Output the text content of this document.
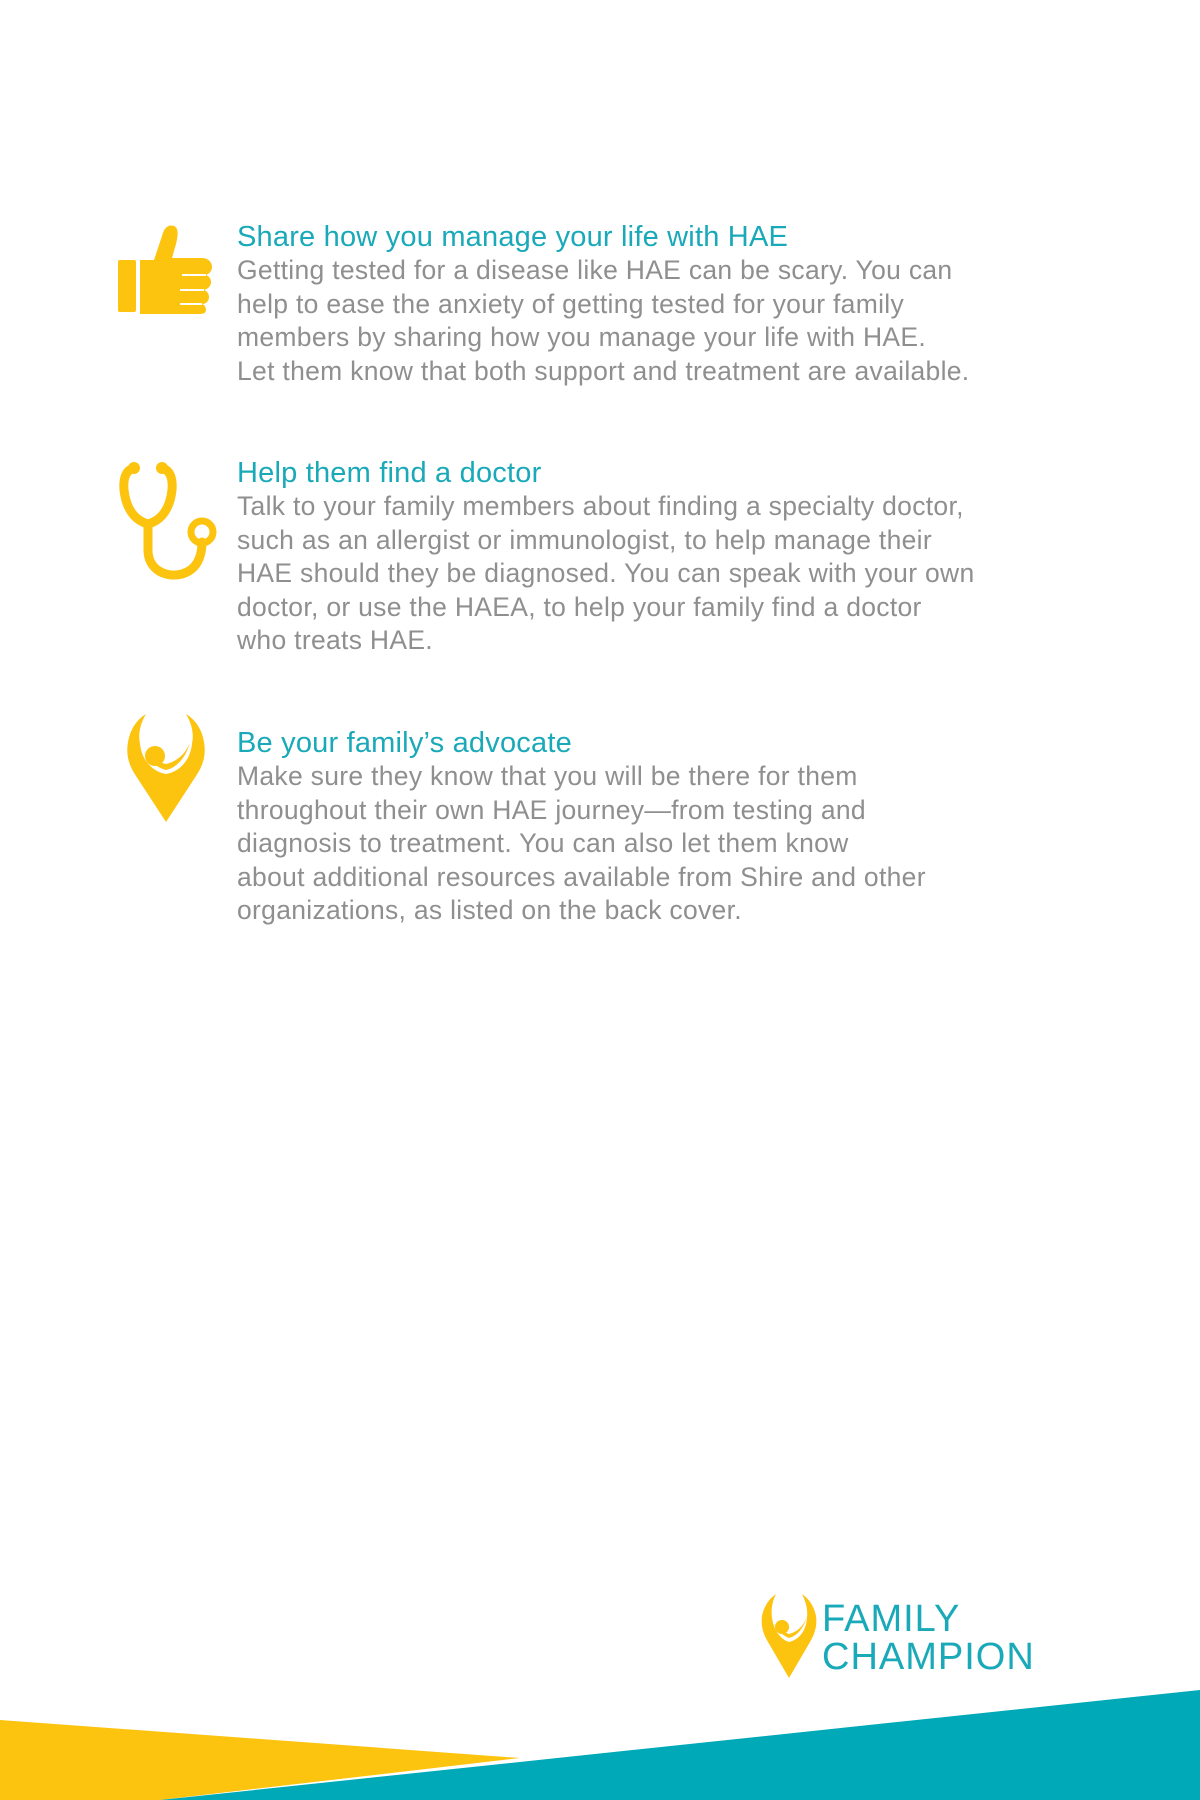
Share how you manage your life with HAE

Getting tested for a disease like HAE can be scary. You can
help to ease the anxiety of getting tested for your family
members by sharing how you manage your life with HAE.
Let them know that both support and treatment are available.

Help them find a doctor

Talk to your family members about finding a specialty doctor,
such as an allergist or immunologist, to help manage their
HAE should they be diagnosed. You can speak with your own
doctor, or use the HAEA, to help your family find a doctor
who treats HAE.

Be your family’s advocate

Make sure they know that you will be there for them
throughout their own HAE journey—from testing and
diagnosis to treatment. You can also let them know
about additional resources available from Shire and other
organizations, as listed on the back cover.

FAMILY
CHAMPION
